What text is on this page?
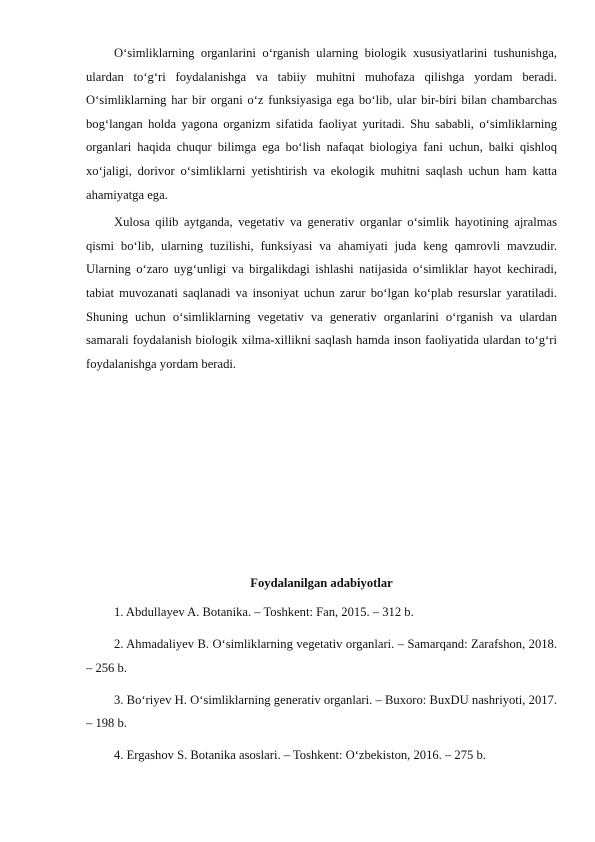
O‘simliklarning organlarini o‘rganish ularning biologik xususiyatlarini tushunishga, ulardan to‘g‘ri foydalanishga va tabiiy muhitni muhofaza qilishga yordam beradi. O‘simliklarning har bir organi o‘z funksiyasiga ega bo‘lib, ular bir-biri bilan chambarchas bog‘langan holda yagona organizm sifatida faoliyat yuritadi. Shu sababli, o‘simliklarning organlari haqida chuqur bilimga ega bo‘lish nafaqat biologiya fani uchun, balki qishloq xo‘jaligi, dorivor o‘simliklarni yetishtirish va ekologik muhitni saqlash uchun ham katta ahamiyatga ega.

Xulosa qilib aytganda, vegetativ va generativ organlar o‘simlik hayotining ajralmas qismi bo‘lib, ularning tuzilishi, funksiyasi va ahamiyati juda keng qamrovli mavzudir. Ularning o‘zaro uyg‘unligi va birgalikdagi ishlashi natijasida o‘simliklar hayot kechiradi, tabiat muvozanati saqlanadi va insoniyat uchun zarur bo‘lgan ko‘plab resurslar yaratiladi. Shuning uchun o‘simliklarning vegetativ va generativ organlarini o‘rganish va ulardan samarali foydalanish biologik xilma-xillikni saqlash hamda inson faoliyatida ulardan to‘g‘ri foydalanishga yordam beradi.

Foydalanilgan adabiyotlar
1. Abdullayev A. Botanika. – Toshkent: Fan, 2015. – 312 b.
2. Ahmadaliyev B. O‘simliklarning vegetativ organlari. – Samarqand: Zarafshon, 2018. – 256 b.
3. Bo‘riyev H. O‘simliklarning generativ organlari. – Buxoro: BuxDU nashriyoti, 2017. – 198 b.
4. Ergashov S. Botanika asoslari. – Toshkent: O‘zbekiston, 2016. – 275 b.
